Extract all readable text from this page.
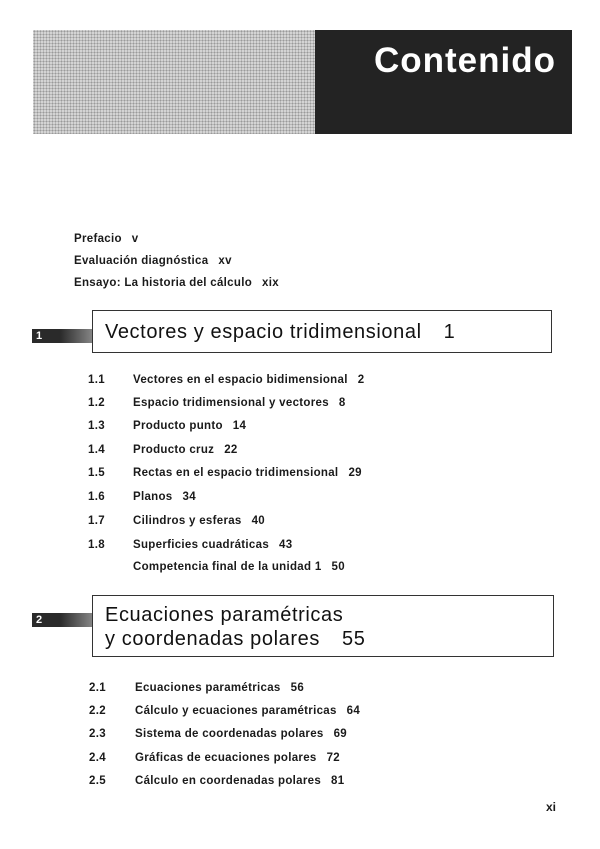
Contenido
Prefacio v
Evaluación diagnóstica xv
Ensayo: La historia del cálculo xix
1	Vectores y espacio tridimensional 1
1.1 Vectores en el espacio bidimensional 2
1.2 Espacio tridimensional y vectores 8
1.3 Producto punto 14
1.4 Producto cruz 22
1.5 Rectas en el espacio tridimensional 29
1.6 Planos 34
1.7 Cilindros y esferas 40
1.8 Superficies cuadráticas 43
Competencia final de la unidad 1 50
2	Ecuaciones paramétricas
y coordenadas polares 55
2.1	Ecuaciones paramétricas 56
2.2	Cálculo y ecuaciones paramétricas 64
2.3	Sistema de coordenadas polares 69
2.4	Gráficas de ecuaciones polares 72
2.5	Cálculo en coordenadas polares 81
xi
